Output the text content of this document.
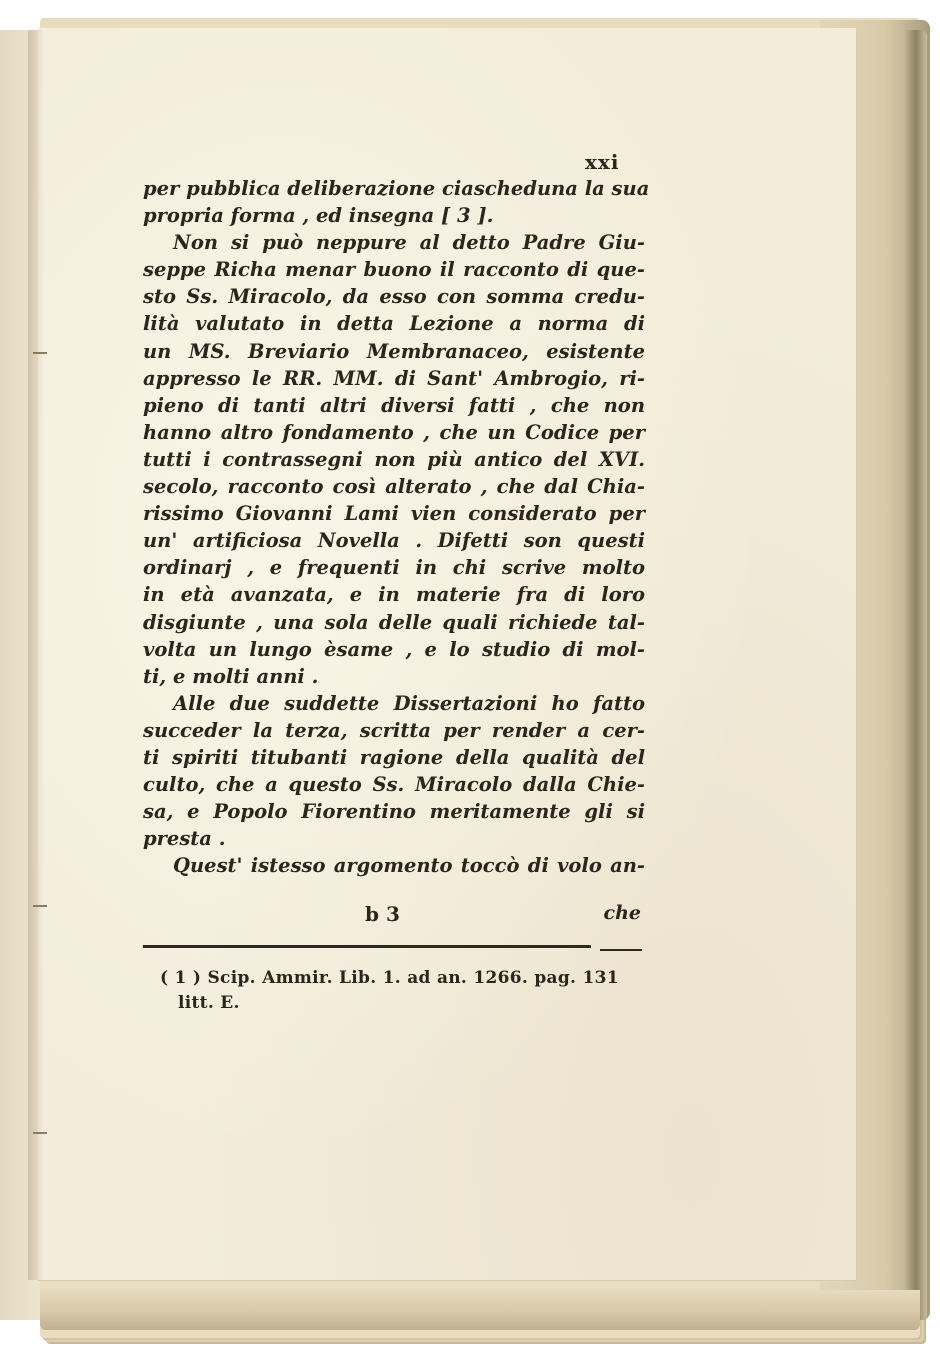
xxi
per pubblica deliberazione ciascheduna la sua
propria forma , ed insegna [ 3 ].
Non si può neppure al detto Padre Giu-
seppe Richa menar buono il racconto di que-
sto Ss. Miracolo, da esso con somma credu-
lità valutato in detta Lezione a norma di
un MS. Breviario Membranaceo, esistente
appresso le RR. MM. di Sant' Ambrogio, ri-
pieno di tanti altri diversi fatti , che non
hanno altro fondamento , che un Codice per
tutti i contrassegni non più antico del XVI.
secolo, racconto così alterato , che dal Chia-
rissimo Giovanni Lami vien considerato per
un' artificiosa Novella . Difetti son questi
ordinarj , e frequenti in chi scrive molto
in età avanzata, e in materie fra di loro
disgiunte , una sola delle quali richiede tal-
volta un lungo èsame , e lo studio di mol-
ti, e molti anni .
Alle due suddette Dissertazioni ho fatto
succeder la terza, scritta per render a cer-
ti spiriti titubanti ragione della qualità del
culto, che a questo Ss. Miracolo dalla Chie-
sa, e Popolo Fiorentino meritamente gli si
presta .
Quest' istesso argomento toccò di volo an-
b 3	che
( 1 ) Scip. Ammir. Lib. 1. ad an. 1266. pag. 131
litt. E.
